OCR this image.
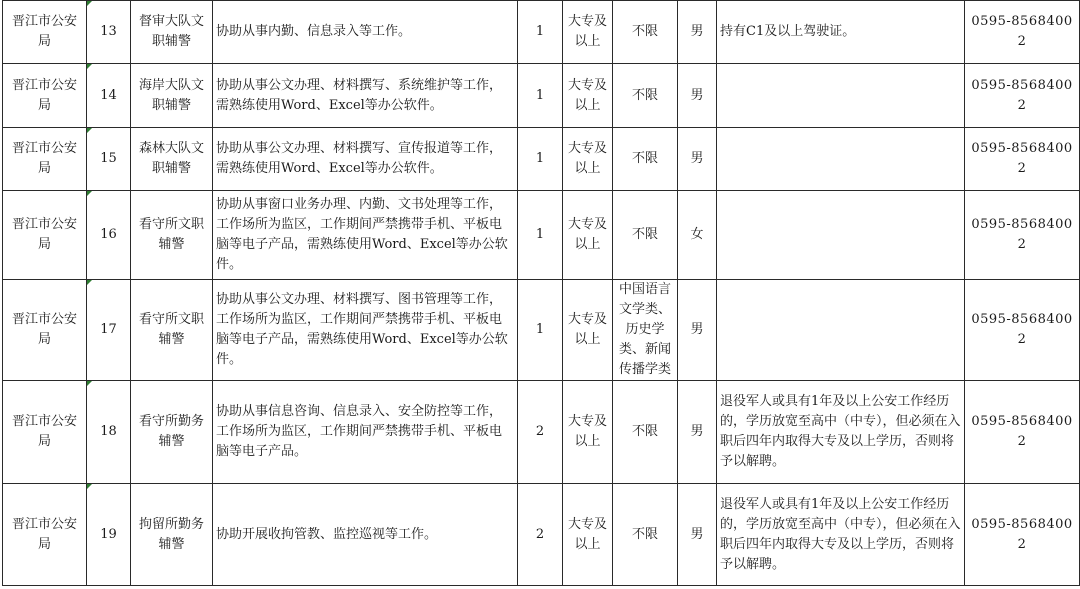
晋江市公安局	13	督审大队文职辅警	协助从事内勤、信息录入等工作。	1	大专及以上	不限	男	持有C1及以上驾驶证。	0595-85684002
晋江市公安局	14	海岸大队文职辅警	协助从事公文办理、材料撰写、系统维护等工作，需熟练使用Word、Excel等办公软件。	1	大专及以上	不限	男		0595-85684002
晋江市公安局	15	森林大队文职辅警	协助从事公文办理、材料撰写、宣传报道等工作，需熟练使用Word、Excel等办公软件。	1	大专及以上	不限	男		0595-85684002
晋江市公安局	16	看守所文职辅警	协助从事窗口业务办理、内勤、文书处理等工作，工作场所为监区，工作期间严禁携带手机、平板电脑等电子产品，需熟练使用Word、Excel等办公软件。	1	大专及以上	不限	女		0595-85684002
晋江市公安局	17	看守所文职辅警	协助从事公文办理、材料撰写、图书管理等工作，工作场所为监区，工作期间严禁携带手机、平板电脑等电子产品，需熟练使用Word、Excel等办公软件。	1	大专及以上	中国语言文学类、历史学类、新闻传播学类	男		0595-85684002
晋江市公安局	18	看守所勤务辅警	协助从事信息咨询、信息录入、安全防控等工作，工作场所为监区，工作期间严禁携带手机、平板电脑等电子产品。	2	大专及以上	不限	男	退役军人或具有1年及以上公安工作经历的，学历放宽至高中（中专），但必须在入职后四年内取得大专及以上学历，否则将予以解聘。	0595-85684002
晋江市公安局	19	拘留所勤务辅警	协助开展收拘管教、监控巡视等工作。	2	大专及以上	不限	男	退役军人或具有1年及以上公安工作经历的，学历放宽至高中（中专），但必须在入职后四年内取得大专及以上学历，否则将予以解聘。	0595-85684002
